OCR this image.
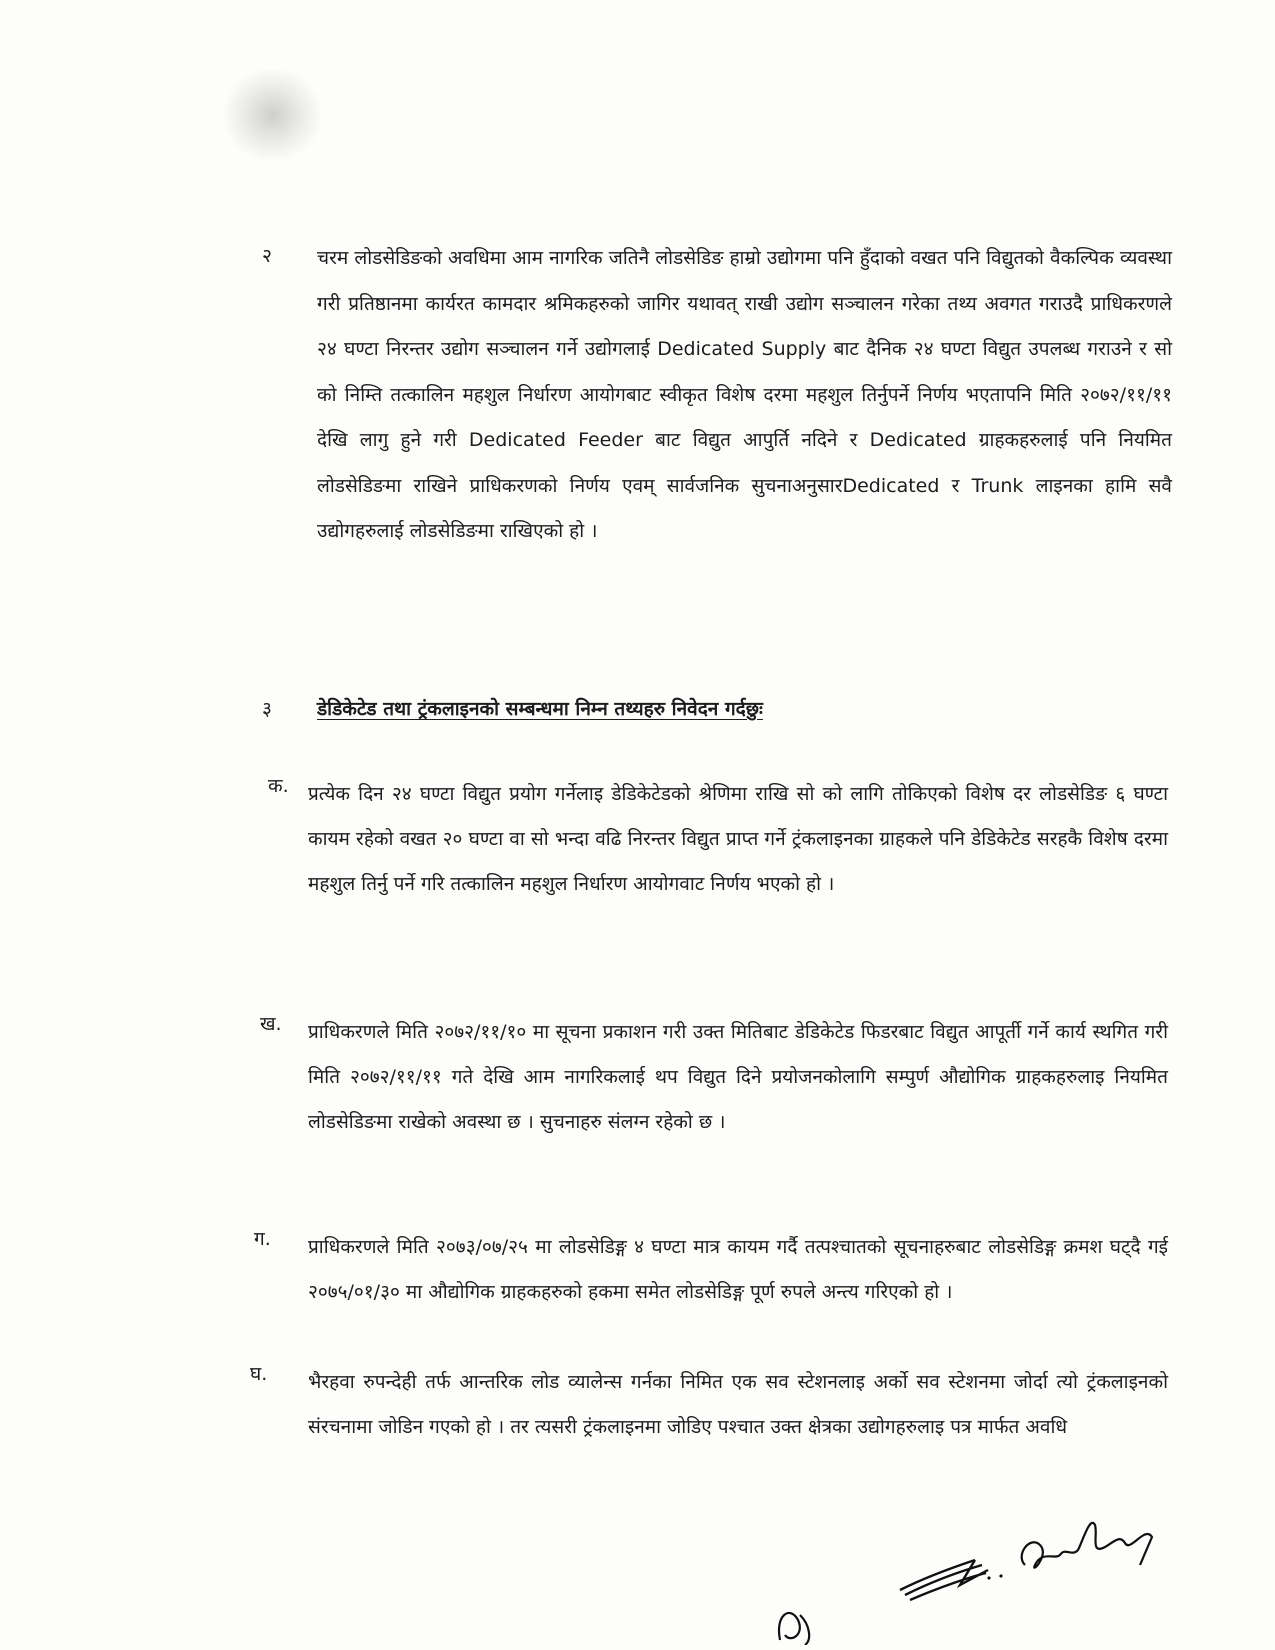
२ चरम लोडसेडिङको अवधिमा आम नागरिक जतिनै लोडसेडिङ हाम्रो उद्योगमा पनि हुँदाको वखत पनि विद्युतको वैकल्पिक व्यवस्था गरी प्रतिष्ठानमा कार्यरत कामदार श्रमिकहरुको जागिर यथावत् राखी उद्योग सञ्चालन गरेका तथ्य अवगत गराउदै प्राधिकरणले २४ घण्टा निरन्तर उद्योग सञ्चालन गर्ने उद्योगलाई Dedicated Supply बाट दैनिक २४ घण्टा विद्युत उपलब्ध गराउने र सो को निम्ति तत्कालिन महशुल निर्धारण आयोगबाट स्वीकृत विशेष दरमा महशुल तिर्नुपर्ने निर्णय भएतापनि मिति २०७२/११/११ देखि लागु हुने गरी Dedicated Feeder बाट विद्युत आपुर्ति नदिने र Dedicated ग्राहकहरुलाई पनि नियमित लोडसेडिङमा राखिने प्राधिकरणको निर्णय एवम् सार्वजनिक सुचनाअनुसारDedicated र Trunk लाइनका हामि सवै उद्योगहरुलाई लोडसेडिङमा राखिएको हो ।
३ डेडिकेटेड तथा ट्रंकलाइनको सम्बन्धमा निम्न तथ्यहरु निवेदन गर्दछुः
क. प्रत्येक दिन २४ घण्टा विद्युत प्रयोग गर्नेलाइ डेडिकेटेडको श्रेणिमा राखि सो को लागि तोकिएको विशेष दर लोडसेडिङ ६ घण्टा कायम रहेको वखत २० घण्टा वा सो भन्दा वढि निरन्तर विद्युत प्राप्त गर्ने ट्रंकलाइनका ग्राहकले पनि डेडिकेटेड सरहकै विशेष दरमा महशुल तिर्नु पर्ने गरि तत्कालिन महशुल निर्धारण आयोगवाट निर्णय भएको हो ।
ख. प्राधिकरणले मिति २०७२/११/१० मा सूचना प्रकाशन गरी उक्त मितिबाट डेडिकेटेड फिडरबाट विद्युत आपूर्ती गर्ने कार्य स्थगित गरी मिति २०७२/११/११ गते देखि आम नागरिकलाई थप विद्युत दिने प्रयोजनकोलागि सम्पुर्ण औद्योगिक ग्राहकहरुलाइ नियमित लोडसेडिङमा राखेको अवस्था छ । सुचनाहरु संलग्न रहेको छ ।
ग. प्राधिकरणले मिति २०७३/०७/२५ मा लोडसेडिङ्ग ४ घण्टा मात्र कायम गर्दै तत्पश्चातको सूचनाहरुबाट लोडसेडिङ्ग क्रमश घट्दै गई २०७५/०१/३० मा औद्योगिक ग्राहकहरुको हकमा समेत लोडसेडिङ्ग पूर्ण रुपले अन्त्य गरिएको हो ।
घ. भैरहवा रुपन्देही तर्फ आन्तरिक लोड व्यालेन्स गर्नका निमित एक सव स्टेशनलाइ अर्को सव स्टेशनमा जोर्दा त्यो ट्रंकलाइनको संरचनामा जोडिन गएको हो । तर त्यसरी ट्रंकलाइनमा जोडिए पश्चात उक्त क्षेत्रका उद्योगहरुलाइ पत्र मार्फत अवधि
